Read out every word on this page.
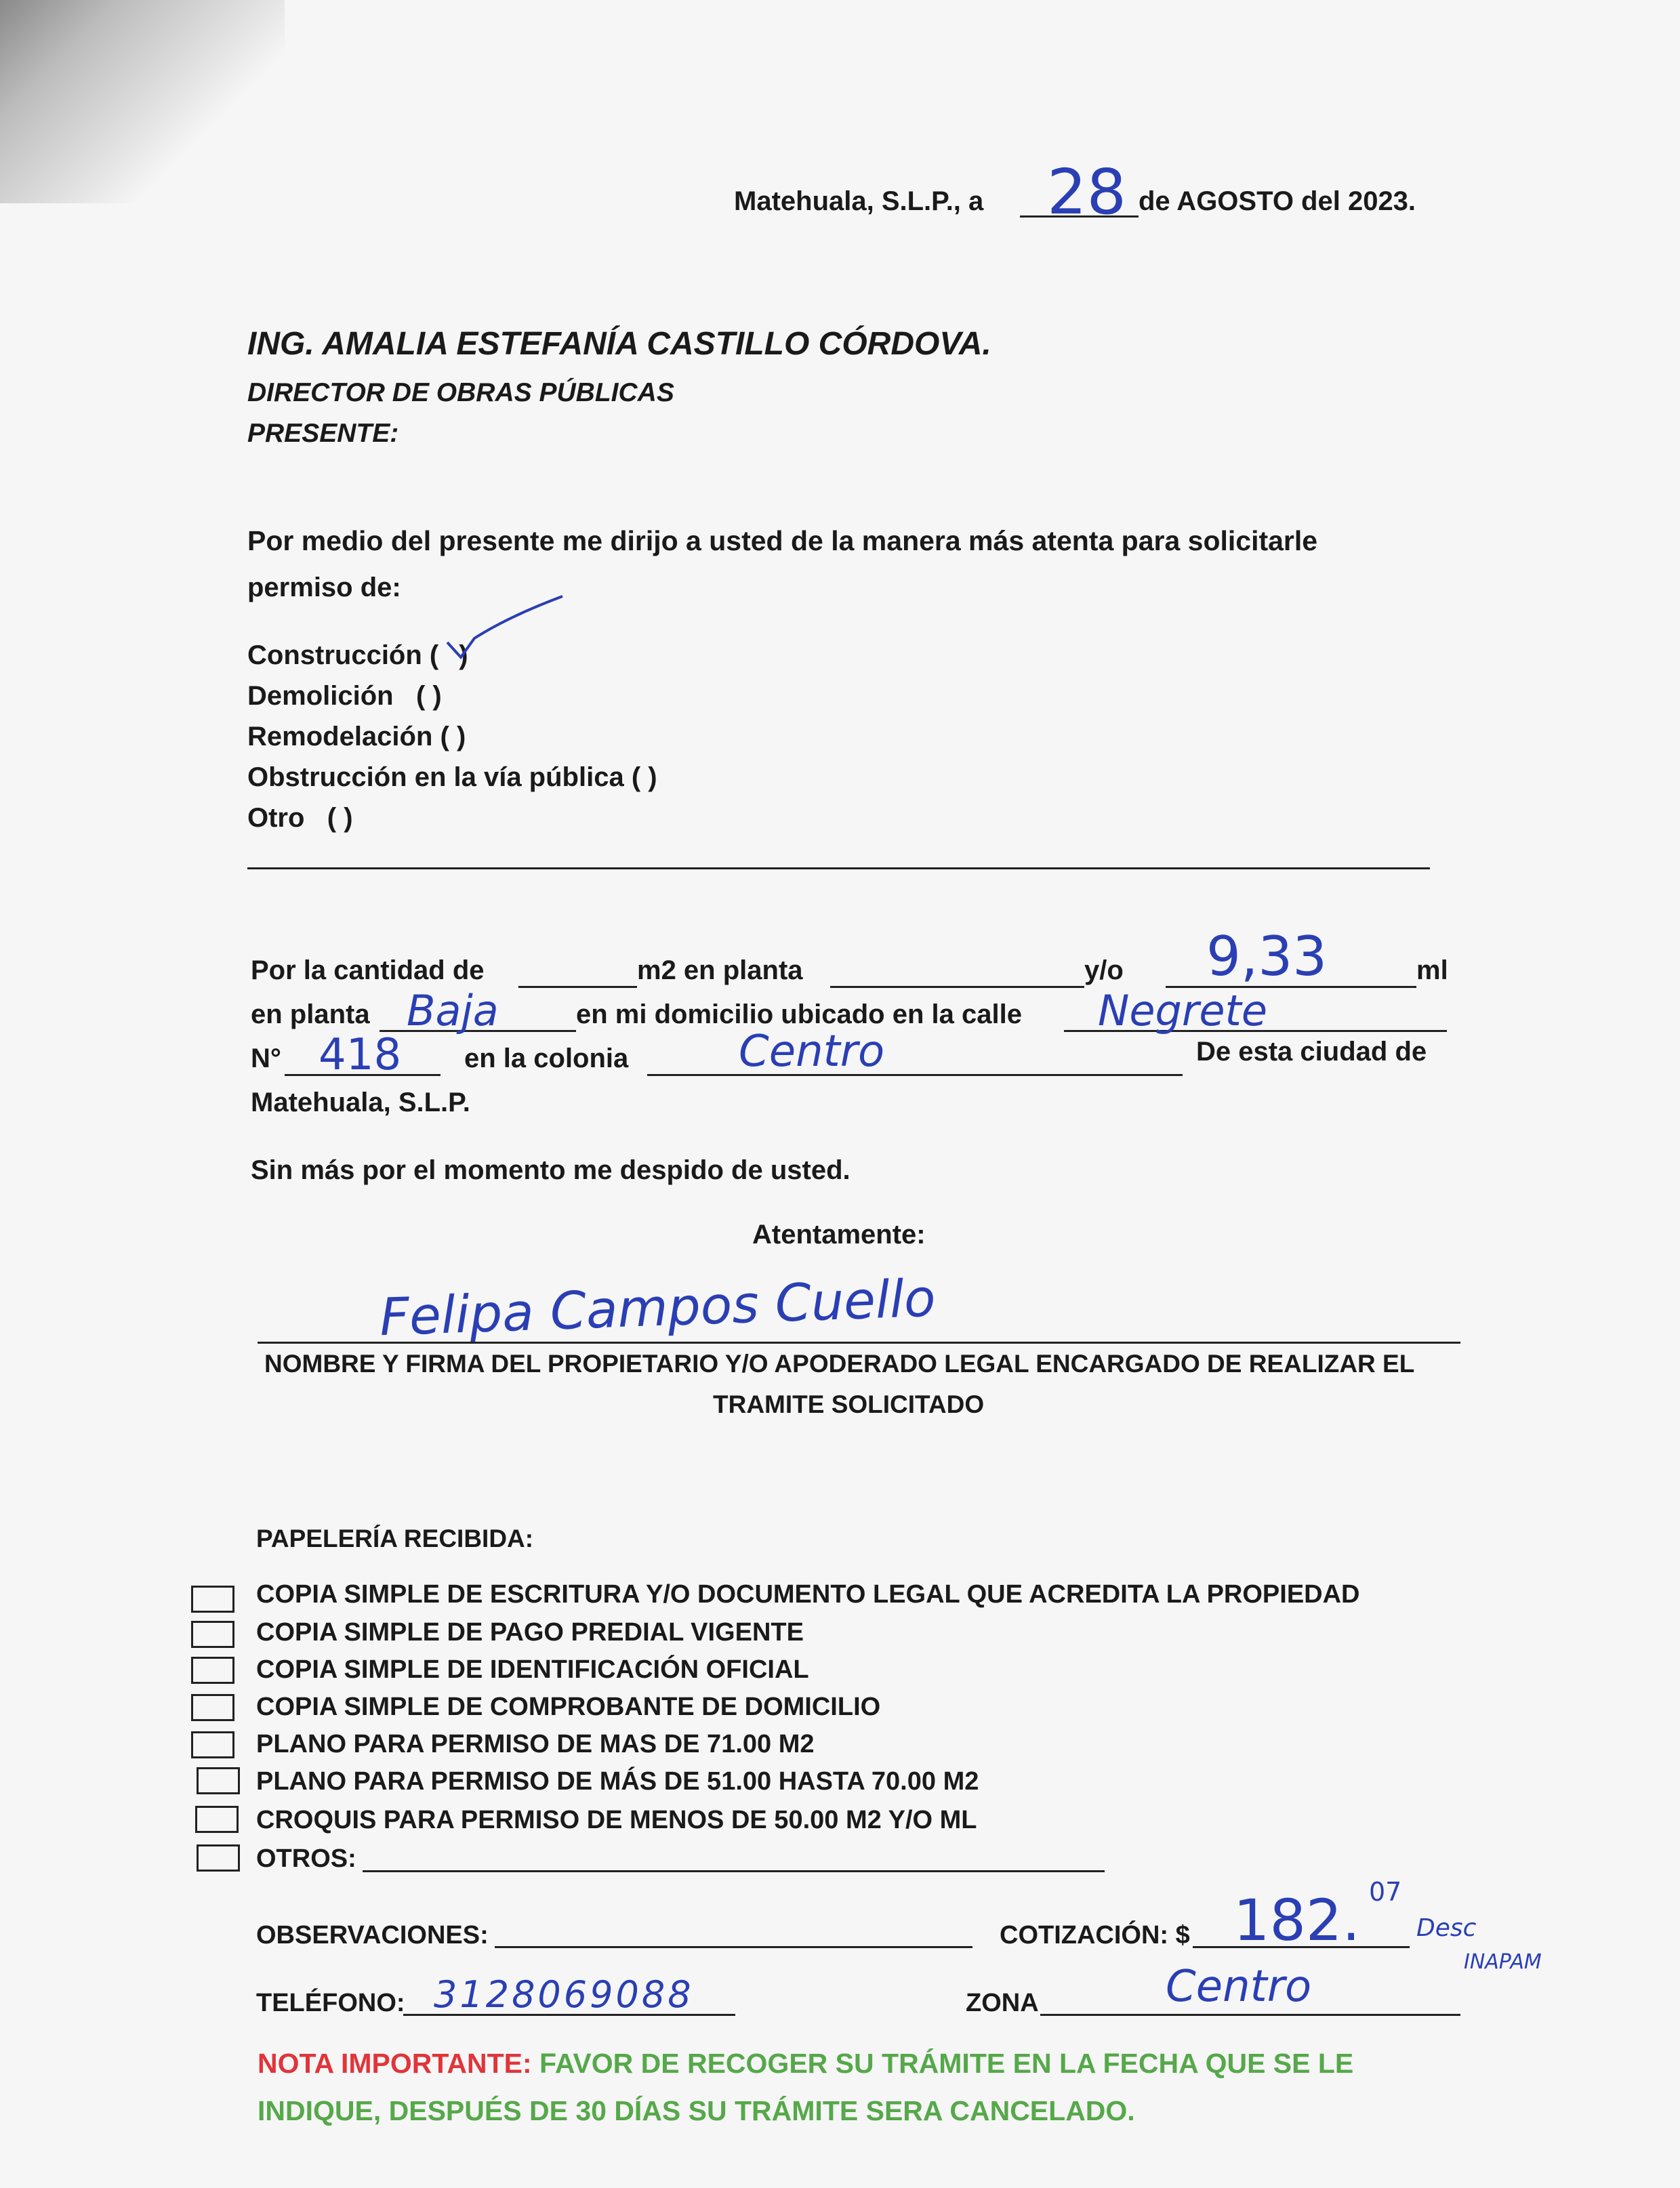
Matehuala, S.L.P., a 28 de AGOSTO del 2023.
ING. AMALIA ESTEFANÍA CASTILLO CÓRDOVA.
DIRECTOR DE OBRAS PÚBLICAS
PRESENTE:
Por medio del presente me dirijo a usted de la manera más atenta para solicitarle
permiso de:
Construcción ( )
Demolición ( )
Remodelación ( )
Obstrucción en la vía pública ( )
Otro ( )
Por la cantidad de	m2 en planta	y/o 9,33	ml
en planta Baja	en mi domicilio ubicado en la calle Negrete
N° 418 en la colonia	Centro	De esta ciudad de
Matehuala, S.L.P.
Sin más por el momento me despido de usted.
Atentamente:
Felipa Campos Cuello
NOMBRE Y FIRMA DEL PROPIETARIO Y/O APODERADO LEGAL ENCARGADO DE REALIZAR EL
TRAMITE SOLICITADO
PAPELERÍA RECIBIDA:
COPIA SIMPLE DE ESCRITURA Y/O DOCUMENTO LEGAL QUE ACREDITA LA PROPIEDAD
COPIA SIMPLE DE PAGO PREDIAL VIGENTE
COPIA SIMPLE DE IDENTIFICACIÓN OFICIAL
COPIA SIMPLE DE COMPROBANTE DE DOMICILIO
PLANO PARA PERMISO DE MAS DE 71.00 M2
PLANO PARA PERMISO DE MÁS DE 51.00 HASTA 70.00 M2
CROQUIS PARA PERMISO DE MENOS DE 50.00 M2 Y/O ML
OTROS:
OBSERVACIONES:	COTIZACIÓN: $ 182. 07
Desc
INAPAM
TELÉFONO: 3128069088	ZONA	Centro
NOTA IMPORTANTE: FAVOR DE RECOGER SU TRÁMITE EN LA FECHA QUE SE LE
INDIQUE, DESPUÉS DE 30 DÍAS SU TRÁMITE SERA CANCELADO.
